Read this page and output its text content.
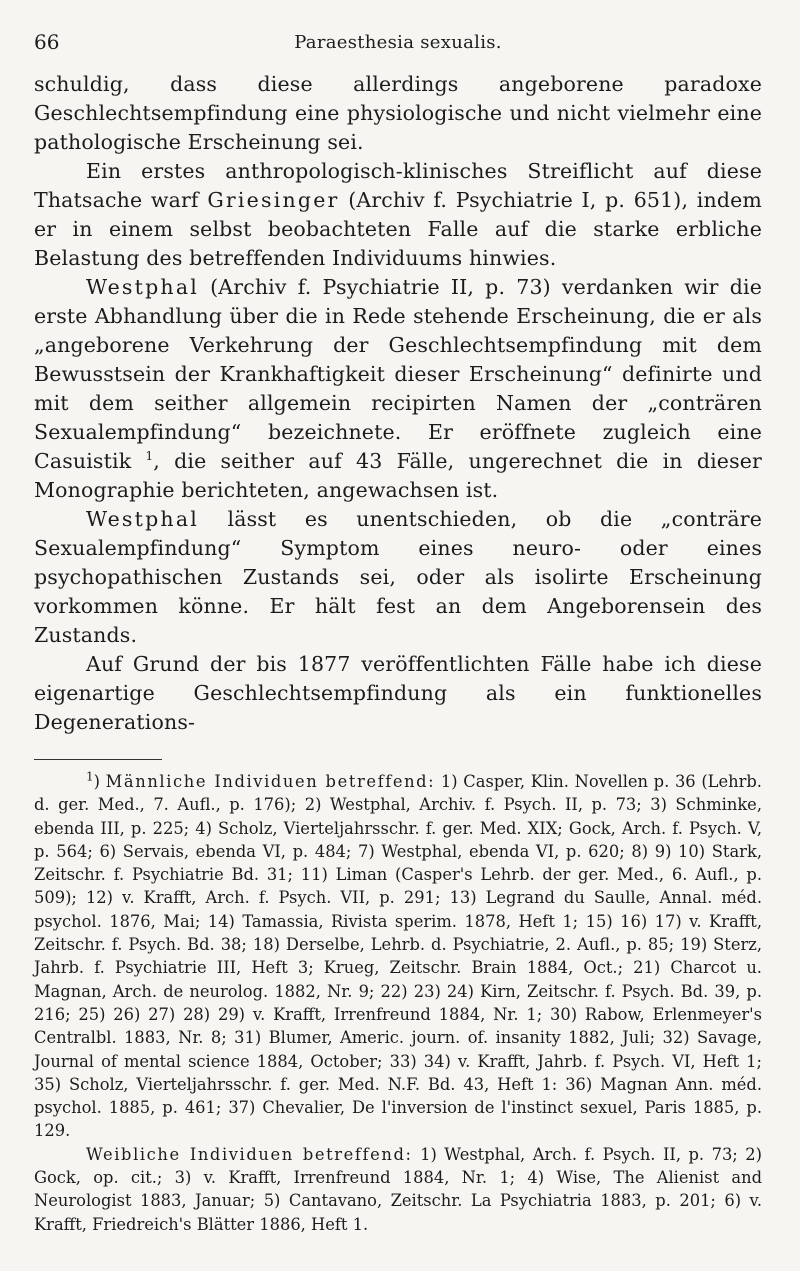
66	Paraesthesia sexualis.

schuldig, dass diese allerdings angeborene paradoxe Geschlechtsempfindung eine physiologische und nicht vielmehr eine pathologische Erscheinung sei.

Ein erstes anthropologisch-klinisches Streiflicht auf diese Thatsache warf Griesinger (Archiv f. Psychiatrie I, p. 651), indem er in einem selbst beobachteten Falle auf die starke erbliche Belastung des betreffenden Individuums hinwies.

Westphal (Archiv f. Psychiatrie II, p. 73) verdanken wir die erste Abhandlung über die in Rede stehende Erscheinung, die er als „angeborene Verkehrung der Geschlechtsempfindung mit dem Bewusstsein der Krankhaftigkeit dieser Erscheinung“ definirte und mit dem seither allgemein recipirten Namen der „conträren Sexualempfindung“ bezeichnete. Er eröffnete zugleich eine Casuistik $^1$, die seither auf 43 Fälle, ungerechnet die in dieser Monographie berichteten, angewachsen ist.

Westphal lässt es unentschieden, ob die „conträre Sexualempfindung“ Symptom eines neuro- oder eines psychopathischen Zustands sei, oder als isolirte Erscheinung vorkommen könne. Er hält fest an dem Angeborensein des Zustands.

Auf Grund der bis 1877 veröffentlichten Fälle habe ich diese eigenartige Geschlechtsempfindung als ein funktionelles Degenerations-

$^1$) Männliche Individuen betreffend: 1) Casper, Klin. Novellen p. 36 (Lehrb. d. ger. Med., 7. Aufl., p. 176); 2) Westphal, Archiv. f. Psych. II, p. 73; 3) Schminke, ebenda III, p. 225; 4) Scholz, Vierteljahrsschr. f. ger. Med. XIX; Gock, Arch. f. Psych. V, p. 564; 6) Servais, ebenda VI, p. 484; 7) Westphal, ebenda VI, p. 620; 8) 9) 10) Stark, Zeitschr. f. Psychiatrie Bd. 31; 11) Liman (Casper's Lehrb. der ger. Med., 6. Aufl., p. 509); 12) v. Krafft, Arch. f. Psych. VII, p. 291; 13) Legrand du Saulle, Annal. méd. psychol. 1876, Mai; 14) Tamassia, Rivista sperim. 1878, Heft 1; 15) 16) 17) v. Krafft, Zeitschr. f. Psych. Bd. 38; 18) Derselbe, Lehrb. d. Psychiatrie, 2. Aufl., p. 85; 19) Sterz, Jahrb. f. Psychiatrie III, Heft 3; Krueg, Zeitschr. Brain 1884, Oct.; 21) Charcot u. Magnan, Arch. de neurolog. 1882, Nr. 9; 22) 23) 24) Kirn, Zeitschr. f. Psych. Bd. 39, p. 216; 25) 26) 27) 28) 29) v. Krafft, Irrenfreund 1884, Nr. 1; 30) Rabow, Erlenmeyer's Centralbl. 1883, Nr. 8; 31) Blumer, Americ. journ. of. insanity 1882, Juli; 32) Savage, Journal of mental science 1884, October; 33) 34) v. Krafft, Jahrb. f. Psych. VI, Heft 1; 35) Scholz, Vierteljahrsschr. f. ger. Med. N.F. Bd. 43, Heft 1: 36) Magnan Ann. méd. psychol. 1885, p. 461; 37) Chevalier, De l'inversion de l'instinct sexuel, Paris 1885, p. 129.

Weibliche Individuen betreffend: 1) Westphal, Arch. f. Psych. II, p. 73; 2) Gock, op. cit.; 3) v. Krafft, Irrenfreund 1884, Nr. 1; 4) Wise, The Alienist and Neurologist 1883, Januar; 5) Cantavano, Zeitschr. La Psychiatria 1883, p. 201; 6) v. Krafft, Friedreich's Blätter 1886, Heft 1.
